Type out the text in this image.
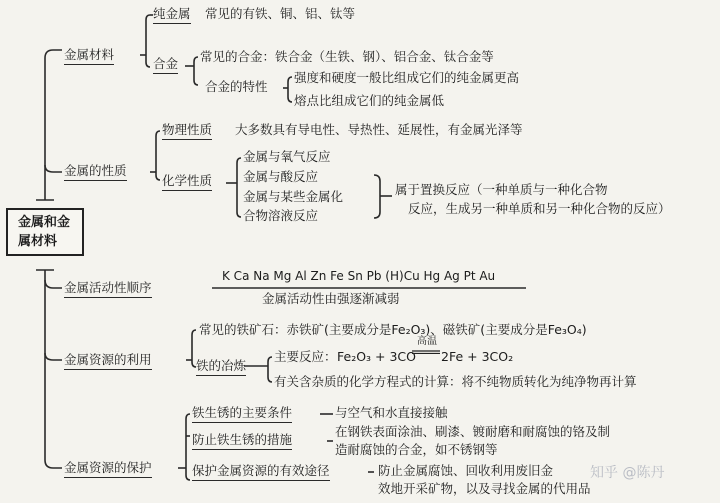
金属和金
属材料
金属材料
纯金属 常见的有铁、铜、铝、钛等
合金 常见的合金：铁合金（生铁、钢）、铝合金、钛合金等
合金的特性
强度和硬度一般比组成它们的纯金属更高
熔点比组成它们的纯金属低
金属的性质
物理性质 大多数具有导电性、导热性、延展性，有金属光泽等
化学性质
金属与氧气反应
金属与酸反应
金属与某些金属化
合物溶液反应
属于置换反应（一种单质与一种化合物
反应，生成另一种单质和另一种化合物的反应）
金属活动性顺序
K Ca Na Mg Al Zn Fe Sn Pb (H)Cu Hg Ag Pt Au
金属活动性由强逐渐减弱
金属资源的利用
常见的铁矿石：赤铁矿(主要成分是Fe₂O₃)、磁铁矿(主要成分是Fe₃O₄)
铁的冶炼
主要反应： Fe₂O₃ + 3CO
高温
2Fe + 3CO₂
有关含杂质的化学方程式的计算：将不纯物质转化为纯净物再计算
金属资源的保护
铁生锈的主要条件	与空气和水直接接触
防止铁生锈的措施
在钢铁表面涂油、刷漆、镀耐磨和耐腐蚀的铬及制
造耐腐蚀的合金，如不锈钢等
保护金属资源的有效途径	防止金属腐蚀、回收利用废旧金
效地开采矿物，以及寻找金属的代用品
知乎 @陈丹
